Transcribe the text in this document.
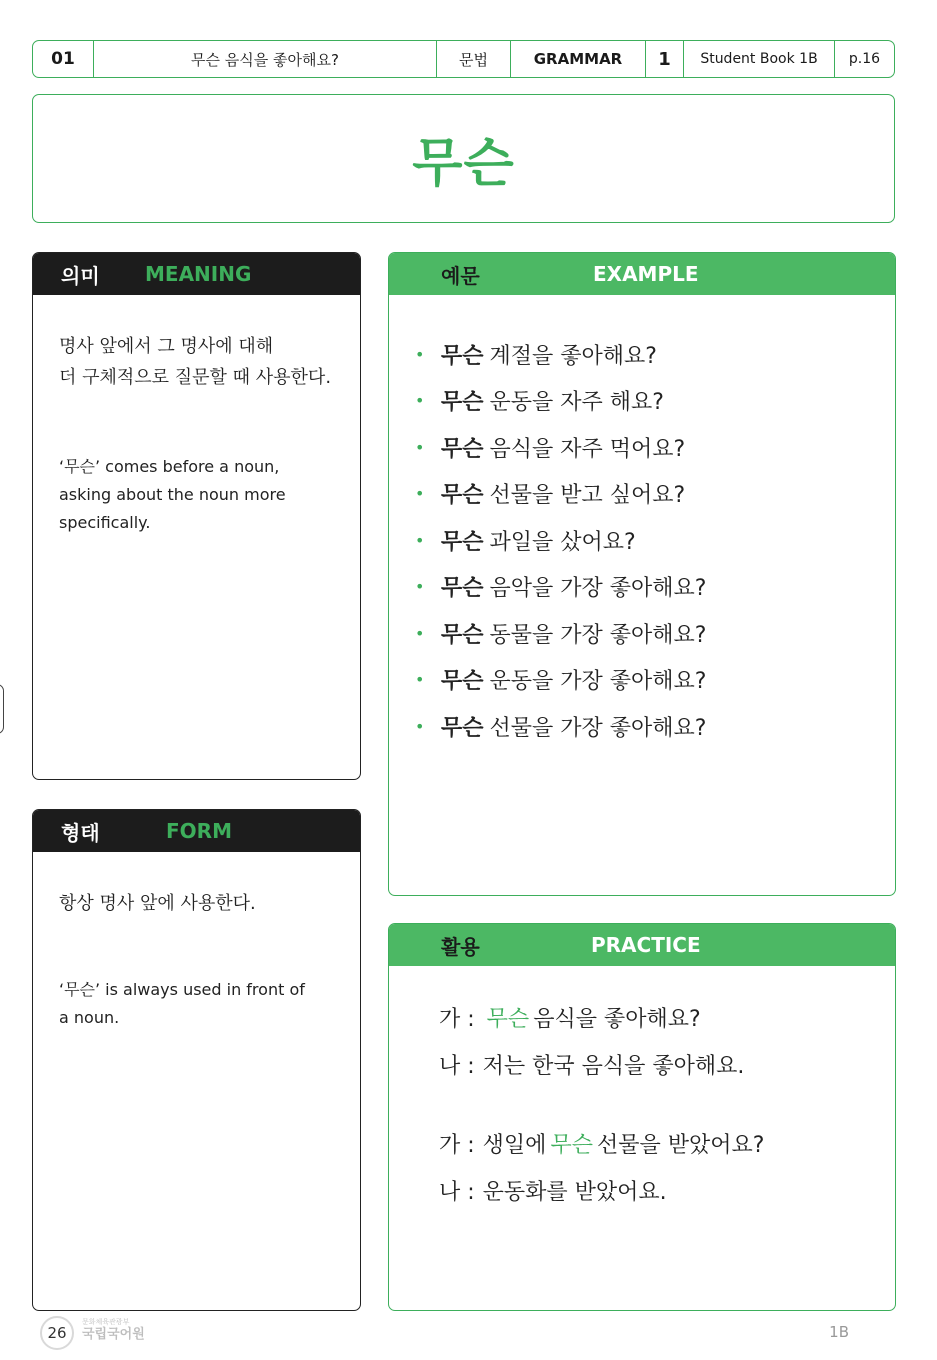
01	무슨 음식을 좋아해요?	문법	GRAMMAR	1	Student Book 1B	p.16
무슨
의미 MEANING
명사 앞에서 그 명사에 대해
더 구체적으로 질문할 때 사용한다.
‘무슨’ comes before a noun,
asking about the noun more
specifically.
형태	FORM
항상 명사 앞에 사용한다.
‘무슨’ is always used in front of
a noun.
예문	EXAMPLE
• 무슨 계절을 좋아해요?
• 무슨 운동을 자주 해요?
• 무슨 음식을 자주 먹어요?
• 무슨 선물을 받고 싶어요?
• 무슨 과일을 샀어요?
• 무슨 음악을 가장 좋아해요?
• 무슨 동물을 가장 좋아해요?
• 무슨 운동을 가장 좋아해요?
• 무슨 선물을 가장 좋아해요?
활용	PRACTICE
가 : 무슨 음식을 좋아해요?
나 : 저는 한국 음식을 좋아해요.
가 : 생일에 무슨 선물을 받았어요?
나 : 운동화를 받았어요.
26
문화체육관광부
국립국어원	1B
